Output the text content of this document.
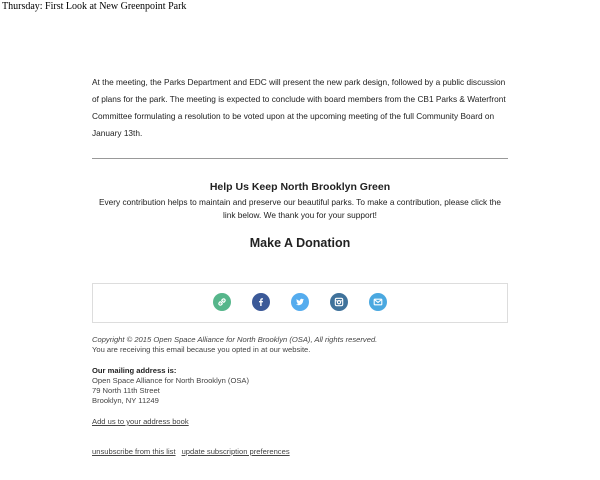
Thursday: First Look at New Greenpoint Park
At the meeting, the Parks Department and EDC will present the new park design, followed by a public discussion of plans for the park. The meeting is expected to conclude with board members from the CB1 Parks & Waterfront Committee formulating a resolution to be voted upon at the upcoming meeting of the full Community Board on January 13th.
Help Us Keep North Brooklyn Green
Every contribution helps to maintain and preserve our beautiful parks. To make a contribution, please click the link below. We thank you for your support!
Make A Donation

Copyright © 2015 Open Space Alliance for North Brooklyn (OSA), All rights reserved.
You are receiving this email because you opted in at our website.
Our mailing address is:
Open Space Alliance for North Brooklyn (OSA)
79 North 11th Street
Brooklyn, NY 11249
Add us to your address book
unsubscribe from this list update subscription preferences
